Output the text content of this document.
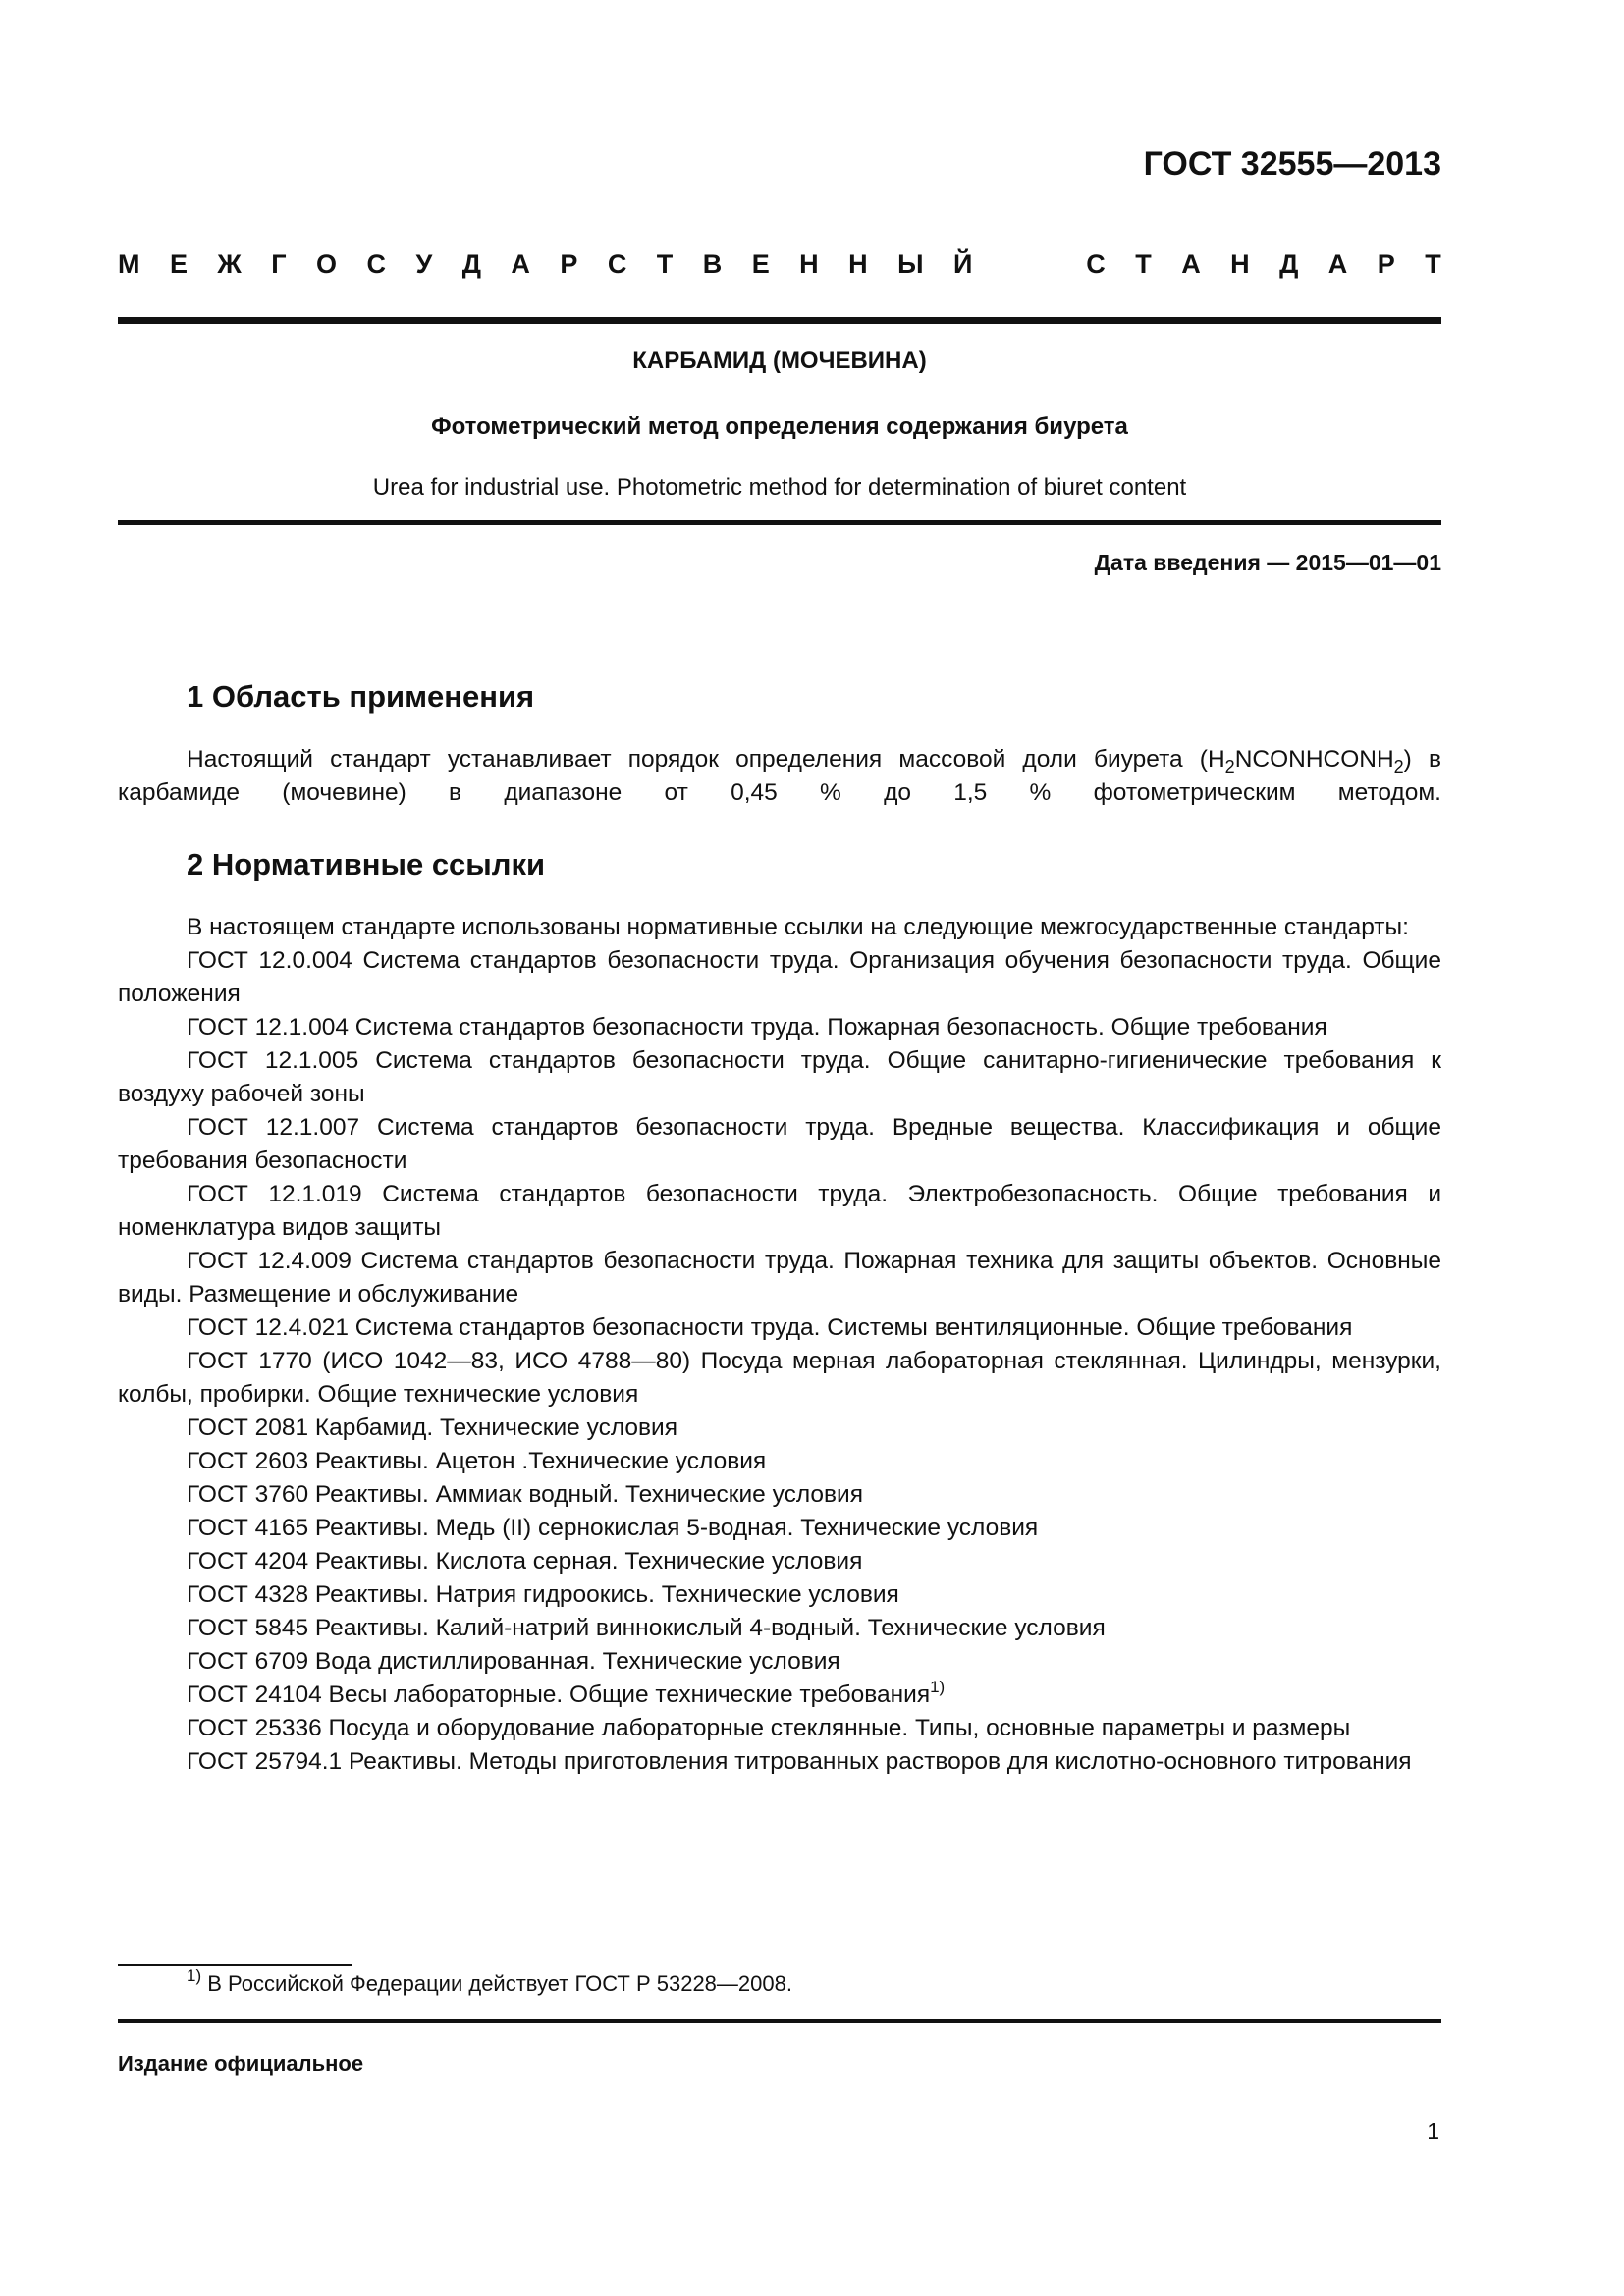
ГОСТ 32555—2013
М Е Ж Г О С У Д А Р С Т В Е Н Н Ы Й	С Т А Н Д А Р Т
КАРБАМИД (МОЧЕВИНА)
Фотометрический метод определения содержания биурета
Urea for industrial use. Photometric method for determination of biuret content
Дата введения — 2015—01—01
1 Область применения

Настоящий стандарт устанавливает порядок определения массовой доли биурета $(H_2NCONHCONH_2)$ в карбамиде (мочевине) в диапазоне от 0,45 % до 1,5 % фотометрическим методом.

2 Нормативные ссылки

В настоящем стандарте использованы нормативные ссылки на следующие межгосударственные стандарты:

ГОСТ 12.0.004 Система стандартов безопасности труда. Организация обучения безопасности труда. Общие положения

ГОСТ 12.1.004 Система стандартов безопасности труда. Пожарная безопасность. Общие требования

ГОСТ 12.1.005 Система стандартов безопасности труда. Общие санитарно-гигиенические требования к воздуху рабочей зоны

ГОСТ 12.1.007 Система стандартов безопасности труда. Вредные вещества. Классификация и общие требования безопасности

ГОСТ 12.1.019 Система стандартов безопасности труда. Электробезопасность. Общие требования и номенклатура видов защиты

ГОСТ 12.4.009 Система стандартов безопасности труда. Пожарная техника для защиты объектов. Основные виды. Размещение и обслуживание

ГОСТ 12.4.021 Система стандартов безопасности труда. Системы вентиляционные. Общие требования

ГОСТ 1770 (ИСО 1042—83, ИСО 4788—80) Посуда мерная лабораторная стеклянная. Цилиндры, мензурки, колбы, пробирки. Общие технические условия

ГОСТ 2081 Карбамид. Технические условия

ГОСТ 2603 Реактивы. Ацетон .Технические условия

ГОСТ 3760 Реактивы. Аммиак водный. Технические условия

ГОСТ 4165 Реактивы. Медь (II) сернокислая 5-водная. Технические условия

ГОСТ 4204 Реактивы. Кислота серная. Технические условия

ГОСТ 4328 Реактивы. Натрия гидроокись. Технические условия

ГОСТ 5845 Реактивы. Калий-натрий виннокислый 4-водный. Технические условия

ГОСТ 6709 Вода дистиллированная. Технические условия

ГОСТ 24104 Весы лабораторные. Общие технические требования$^{1)}$

ГОСТ 25336 Посуда и оборудование лабораторные стеклянные. Типы, основные параметры и размеры

ГОСТ 25794.1 Реактивы. Методы приготовления титрованных растворов для кислотно-основного титрования

$^{1)}$ В Российской Федерации действует ГОСТ Р 53228—2008.
Издание официальное
1
